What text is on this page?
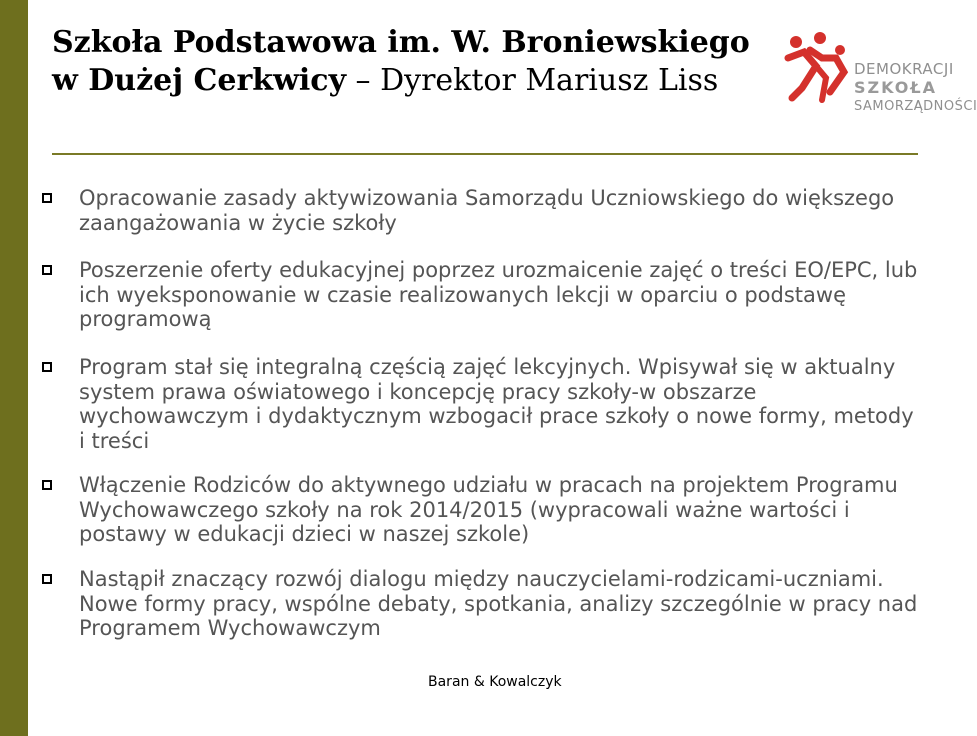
Szkoła Podstawowa im. W. Broniewskiego
w Dużej Cerkwicy – Dyrektor Mariusz Liss	DEMOKRACJI
SZKOŁA
SAMORZĄDNOŚCI

Opracowanie zasady aktywizowania Samorządu Uczniowskiego do większego zaangażowania w życie szkoły

Poszerzenie oferty edukacyjnej poprzez urozmaicenie zajęć o treści EO/EPC, lub ich wyeksponowanie w czasie realizowanych lekcji w oparciu o podstawę programową

Program stał się integralną częścią zajęć lekcyjnych. Wpisywał się w aktualny system prawa oświatowego i koncepcję pracy szkoły-w obszarze wychowawczym i dydaktycznym wzbogacił prace szkoły o nowe formy, metody i treści

Włączenie Rodziców do aktywnego udziału w pracach na projektem Programu Wychowawczego szkoły na rok 2014/2015 (wypracowali ważne wartości i postawy w edukacji dzieci w naszej szkole)

Nastąpił znaczący rozwój dialogu między nauczycielami-rodzicami-uczniami. Nowe formy pracy, wspólne debaty, spotkania, analizy szczególnie w pracy nad Programem Wychowawczym

Baran & Kowalczyk
